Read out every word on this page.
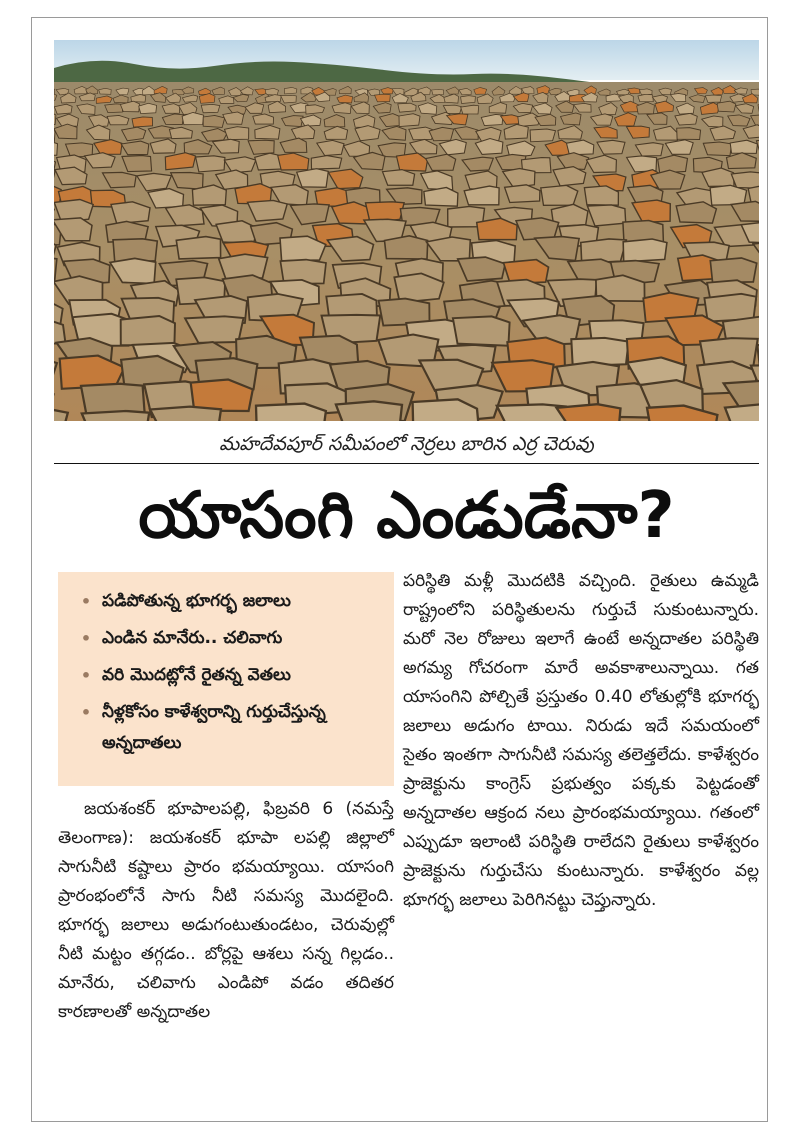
మహదేవపూర్ సమీపంలో నెర్రలు బారిన ఎర్ర చెరువు
యాసంగి ఎండుడేనా?
• పడిపోతున్న భూగర్భ జలాలు
• ఎండిన మానేరు.. చలివాగు
• వరి మొదట్లోనే రైతన్న వెతలు
• నీళ్లకోసం కాళేశ్వరాన్ని గుర్తుచేస్తున్న అన్నదాతలు

జయశంకర్ భూపాలపల్లి, ఫిబ్రవరి 6 (నమస్తే తెలంగాణ): జయశంకర్ భూపా లపల్లి జిల్లాలో సాగునీటి కష్టాలు ప్రారం భమయ్యాయి. యాసంగి ప్రారంభంలోనే సాగు నీటి సమస్య మొదలైంది. భూగర్భ జలాలు అడుగంటుతుండటం, చెరువుల్లో నీటి మట్టం తగ్గడం.. బోర్లపై ఆశలు సన్న గిల్లడం.. మానేరు, చలివాగు ఎండిపో వడం తదితర కారణాలతో అన్నదాతల

పరిస్థితి మళ్లీ మొదటికి వచ్చింది. రైతులు ఉమ్మడి రాష్ట్రంలోని పరిస్థితులను గుర్తుచే సుకుంటున్నారు. మరో నెల రోజులు ఇలాగే ఉంటే అన్నదాతల పరిస్థితి అగమ్య గోచరంగా మారే అవకాశాలున్నాయి. గత యాసంగిని పోల్చితే ప్రస్తుతం 0.40 లోతుల్లోకి భూగర్భ జలాలు అడుగం టాయి. నిరుడు ఇదే సమయంలో సైతం ఇంతగా సాగునీటి సమస్య తలెత్తలేదు. కాళేశ్వరం ప్రాజెక్టును కాంగ్రెస్ ప్రభుత్వం పక్కకు పెట్టడంతో అన్నదాతల ఆక్రంద నలు ప్రారంభమయ్యాయి. గతంలో ఎప్పుడూ ఇలాంటి పరిస్థితి రాలేదని రైతులు కాళేశ్వరం ప్రాజెక్టును గుర్తుచేసు కుంటున్నారు. కాళేశ్వరం వల్ల భూగర్భ జలాలు పెరిగినట్టు చెప్తున్నారు.
